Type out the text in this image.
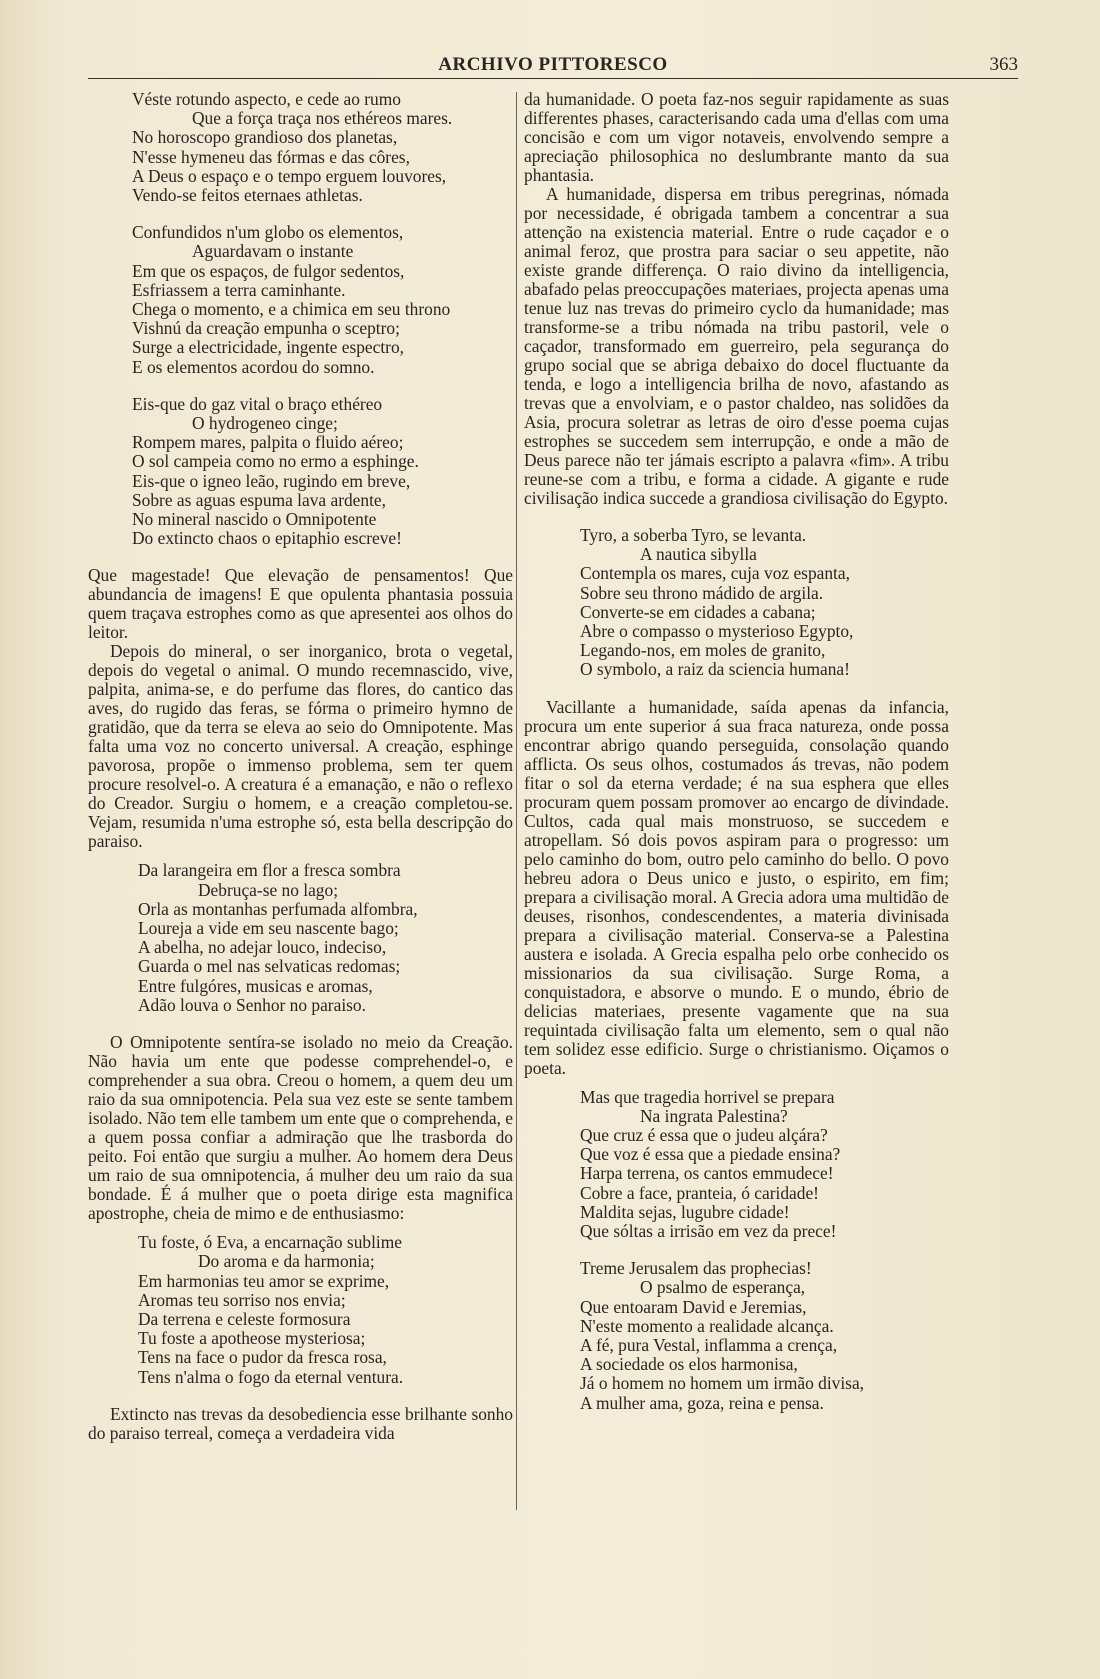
ARCHIVO PITTORESCO	363
Véste rotundo aspecto, e cede ao rumo
Que a força traça nos ethéreos mares.
No horoscopo grandioso dos planetas,
N'esse hymeneu das fórmas e das côres,
A Deus o espaço e o tempo erguem louvores,
Vendo-se feitos eternaes athletas.
Confundidos n'um globo os elementos,
Aguardavam o instante
Em que os espaços, de fulgor sedentos,
Esfriassem a terra caminhante.
Chega o momento, e a chimica em seu throno
Vishnú da creação empunha o sceptro;
Surge a electricidade, ingente espectro,
E os elementos acordou do somno.
Eis-que do gaz vital o braço ethéreo
O hydrogeneo cinge;
Rompem mares, palpita o fluido aéreo;
O sol campeia como no ermo a esphinge.
Eis-que o igneo leão, rugindo em breve,
Sobre as aguas espuma lava ardente,
No mineral nascido o Omnipotente
Do extincto chaos o epitaphio escreve!

Que magestade! Que elevação de pensamentos! Que abundancia de imagens! E que opulenta phantasia possuia quem traçava estrophes como as que apresentei aos olhos do leitor.

Depois do mineral, o ser inorganico, brota o vegetal, depois do vegetal o animal. O mundo recemnascido, vive, palpita, anima-se, e do perfume das flores, do cantico das aves, do rugido das feras, se fórma o primeiro hymno de gratidão, que da terra se eleva ao seio do Omnipotente. Mas falta uma voz no concerto universal. A creação, esphinge pavorosa, propõe o immenso problema, sem ter quem procure resolvel-o. A creatura é a emanação, e não o reflexo do Creador. Surgiu o homem, e a creação completou-se. Vejam, resumida n'uma estrophe só, esta bella descripção do paraiso.

Da larangeira em flor a fresca sombra
Debruça-se no lago;
Orla as montanhas perfumada alfombra,
Loureja a vide em seu nascente bago;
A abelha, no adejar louco, indeciso,
Guarda o mel nas selvaticas redomas;
Entre fulgóres, musicas e aromas,
Adão louva o Senhor no paraiso.

O Omnipotente sentíra-se isolado no meio da Creação. Não havia um ente que podesse comprehendel-o, e comprehender a sua obra. Creou o homem, a quem deu um raio da sua omnipotencia. Pela sua vez este se sente tambem isolado. Não tem elle tambem um ente que o comprehenda, e a quem possa confiar a admiração que lhe trasborda do peito. Foi então que surgiu a mulher. Ao homem dera Deus um raio de sua omnipotencia, á mulher deu um raio da sua bondade. É á mulher que o poeta dirige esta magnifica apostrophe, cheia de mimo e de enthusiasmo:

Tu foste, ó Eva, a encarnação sublime
Do aroma e da harmonia;
Em harmonias teu amor se exprime,
Aromas teu sorriso nos envia;
Da terrena e celeste formosura
Tu foste a apotheose mysteriosa;
Tens na face o pudor da fresca rosa,
Tens n'alma o fogo da eternal ventura.

Extincto nas trevas da desobediencia esse brilhante sonho do paraiso terreal, começa a verdadeira vida

da humanidade. O poeta faz-nos seguir rapidamente as suas differentes phases, caracterisando cada uma d'ellas com uma concisão e com um vigor notaveis, envolvendo sempre a apreciação philosophica no deslumbrante manto da sua phantasia.

A humanidade, dispersa em tribus peregrinas, nómada por necessidade, é obrigada tambem a concentrar a sua attenção na existencia material. Entre o rude caçador e o animal feroz, que prostra para saciar o seu appetite, não existe grande differença. O raio divino da intelligencia, abafado pelas preoccupações materiaes, projecta apenas uma tenue luz nas trevas do primeiro cyclo da humanidade; mas transforme-se a tribu nómada na tribu pastoril, vele o caçador, transformado em guerreiro, pela segurança do grupo social que se abriga debaixo do docel fluctuante da tenda, e logo a intelligencia brilha de novo, afastando as trevas que a envolviam, e o pastor chaldeo, nas solidões da Asia, procura soletrar as letras de oiro d'esse poema cujas estrophes se succedem sem interrupção, e onde a mão de Deus parece não ter jámais escripto a palavra «fim». A tribu reune-se com a tribu, e forma a cidade. A gigante e rude civilisação indica succede a grandiosa civilisação do Egypto.

Tyro, a soberba Tyro, se levanta.
A nautica sibylla
Contempla os mares, cuja voz espanta,
Sobre seu throno mádido de argila.
Converte-se em cidades a cabana;
Abre o compasso o mysterioso Egypto,
Legando-nos, em moles de granito,
O symbolo, a raiz da sciencia humana!

Vacillante a humanidade, saída apenas da infancia, procura um ente superior á sua fraca natureza, onde possa encontrar abrigo quando perseguida, consolação quando afflicta. Os seus olhos, costumados ás trevas, não podem fitar o sol da eterna verdade; é na sua esphera que elles procuram quem possam promover ao encargo de divindade. Cultos, cada qual mais monstruoso, se succedem e atropellam. Só dois povos aspiram para o progresso: um pelo caminho do bom, outro pelo caminho do bello. O povo hebreu adora o Deus unico e justo, o espirito, em fim; prepara a civilisação moral. A Grecia adora uma multidão de deuses, risonhos, condescendentes, a materia divinisada prepara a civilisação material. Conserva-se a Palestina austera e isolada. A Grecia espalha pelo orbe conhecido os missionarios da sua civilisação. Surge Roma, a conquistadora, e absorve o mundo. E o mundo, ébrio de delicias materiaes, presente vagamente que na sua requintada civilisação falta um elemento, sem o qual não tem solidez esse edificio. Surge o christianismo. Oiçamos o poeta.

Mas que tragedia horrivel se prepara
Na ingrata Palestina?
Que cruz é essa que o judeu alçára?
Que voz é essa que a piedade ensina?
Harpa terrena, os cantos emmudece!
Cobre a face, pranteia, ó caridade!
Maldita sejas, lugubre cidade!
Que sóltas a irrisão em vez da prece!
Treme Jerusalem das prophecias!
O psalmo de esperança,
Que entoaram David e Jeremias,
N'este momento a realidade alcança.
A fé, pura Vestal, inflamma a crença,
A sociedade os elos harmonisa,
Já o homem no homem um irmão divisa,
A mulher ama, goza, reina e pensa.
